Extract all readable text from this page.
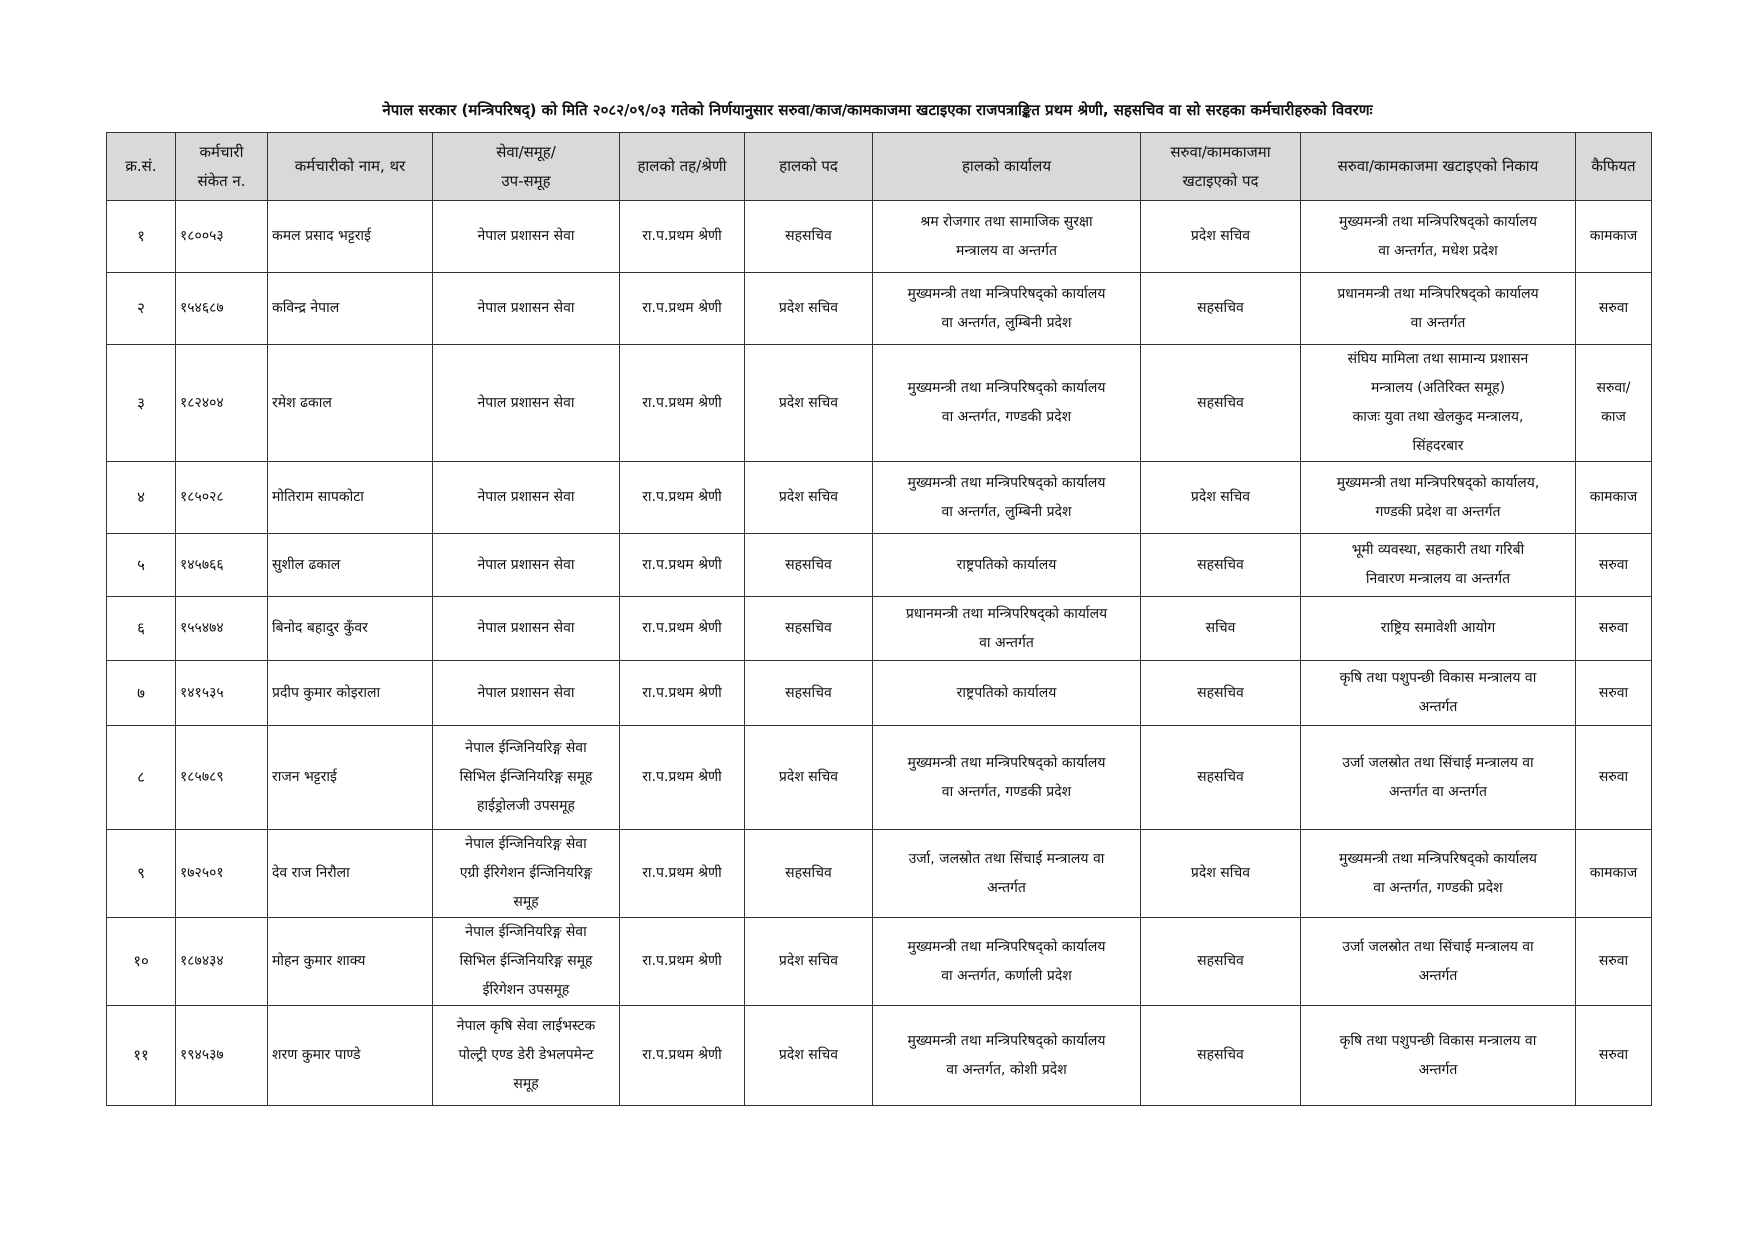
नेपाल सरकार (मन्त्रिपरिषद्) को मिति २०८२/०९/०३ गतेको निर्णयानुसार सरुवा/काज/कामकाजमा खटाइएका राजपत्राङ्कित प्रथम श्रेणी, सहसचिव वा सो सरहका कर्मचारीहरुको विवरणः
क्र.सं.	कर्मचारी
संकेत न.	कर्मचारीको नाम, थर	सेवा/समूह/
उप-समूह	हालको तह/श्रेणी	हालको पद	हालको कार्यालय	सरुवा/कामकाजमा
खटाइएको पद	सरुवा/कामकाजमा खटाइएको निकाय	कैफियत

१	१८००५३	कमल प्रसाद भट्टराई	नेपाल प्रशासन सेवा	रा.प.प्रथम श्रेणी	सहसचिव	श्रम रोजगार तथा सामाजिक सुरक्षा
मन्त्रालय वा अन्तर्गत	प्रदेश सचिव	मुख्यमन्त्री तथा मन्त्रिपरिषद्को कार्यालय
वा अन्तर्गत, मधेश प्रदेश	कामकाज

२	१५४६८७	कविन्द्र नेपाल	नेपाल प्रशासन सेवा	रा.प.प्रथम श्रेणी	प्रदेश सचिव	मुख्यमन्त्री तथा मन्त्रिपरिषद्को कार्यालय
वा अन्तर्गत, लुम्बिनी प्रदेश	सहसचिव	प्रधानमन्त्री तथा मन्त्रिपरिषद्को कार्यालय
वा अन्तर्गत	सरुवा

३	१८२४०४	रमेश ढकाल	नेपाल प्रशासन सेवा	रा.प.प्रथम श्रेणी	प्रदेश सचिव	मुख्यमन्त्री तथा मन्त्रिपरिषद्को कार्यालय
वा अन्तर्गत, गण्डकी प्रदेश	सहसचिव	संघिय मामिला तथा सामान्य प्रशासन
मन्त्रालय (अतिरिक्त समूह)
काजः युवा तथा खेलकुद मन्त्रालय,
सिंहदरबार	सरुवा/
काज

४	१८५०२८	मोतिराम सापकोटा	नेपाल प्रशासन सेवा	रा.प.प्रथम श्रेणी	प्रदेश सचिव	मुख्यमन्त्री तथा मन्त्रिपरिषद्को कार्यालय
वा अन्तर्गत, लुम्बिनी प्रदेश	प्रदेश सचिव	मुख्यमन्त्री तथा मन्त्रिपरिषद्को कार्यालय,
गण्डकी प्रदेश वा अन्तर्गत	कामकाज

५	१४५७६६	सुशील ढकाल	नेपाल प्रशासन सेवा	रा.प.प्रथम श्रेणी	सहसचिव	राष्ट्रपतिको कार्यालय	सहसचिव	भूमी व्यवस्था, सहकारी तथा गरिबी
निवारण मन्त्रालय वा अन्तर्गत	सरुवा

६	१५५४७४	बिनोद बहादुर कुँवर	नेपाल प्रशासन सेवा	रा.प.प्रथम श्रेणी	सहसचिव	प्रधानमन्त्री तथा मन्त्रिपरिषद्को कार्यालय
वा अन्तर्गत	सचिव	राष्ट्रिय समावेशी आयोग	सरुवा

७	१४१५३५	प्रदीप कुमार कोइराला	नेपाल प्रशासन सेवा	रा.प.प्रथम श्रेणी	सहसचिव	राष्ट्रपतिको कार्यालय	सहसचिव	कृषि तथा पशुपन्छी विकास मन्त्रालय वा
अन्तर्गत	सरुवा

८	१८५७८९	राजन भट्टराई	नेपाल ईन्जिनियरिङ्ग सेवा
सिभिल ईन्जिनियरिङ्ग समूह
हाईड्रोलजी उपसमूह	रा.प.प्रथम श्रेणी	प्रदेश सचिव	मुख्यमन्त्री तथा मन्त्रिपरिषद्को कार्यालय
वा अन्तर्गत, गण्डकी प्रदेश	सहसचिव	उर्जा जलस्रोत तथा सिंचाई मन्त्रालय वा
अन्तर्गत वा अन्तर्गत	सरुवा

९	१७२५०१	देव राज निरौला	नेपाल ईन्जिनियरिङ्ग सेवा
एग्री ईरिगेशन ईन्जिनियरिङ्ग
समूह	रा.प.प्रथम श्रेणी	सहसचिव	उर्जा, जलस्रोत तथा सिंचाई मन्त्रालय वा
अन्तर्गत	प्रदेश सचिव	मुख्यमन्त्री तथा मन्त्रिपरिषद्को कार्यालय
वा अन्तर्गत, गण्डकी प्रदेश	कामकाज

१०	१८७४३४	मोहन कुमार शाक्य	नेपाल ईन्जिनियरिङ्ग सेवा
सिभिल ईन्जिनियरिङ्ग समूह
ईरिगेशन उपसमूह	रा.प.प्रथम श्रेणी	प्रदेश सचिव	मुख्यमन्त्री तथा मन्त्रिपरिषद्को कार्यालय
वा अन्तर्गत, कर्णाली प्रदेश	सहसचिव	उर्जा जलस्रोत तथा सिंचाई मन्त्रालय वा
अन्तर्गत	सरुवा

११	१९४५३७	शरण कुमार पाण्डे	नेपाल कृषि सेवा लाईभस्टक
पोल्ट्री एण्ड डेरी डेभलपमेन्ट
समूह	रा.प.प्रथम श्रेणी	प्रदेश सचिव	मुख्यमन्त्री तथा मन्त्रिपरिषद्को कार्यालय
वा अन्तर्गत, कोशी प्रदेश	सहसचिव	कृषि तथा पशुपन्छी विकास मन्त्रालय वा
अन्तर्गत	सरुवा
